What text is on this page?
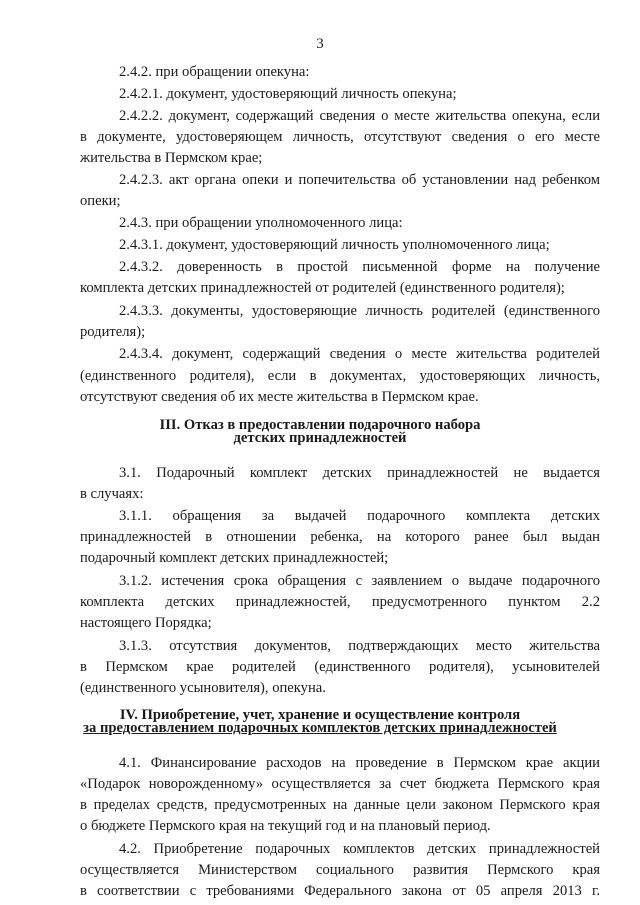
3
2.4.2. при обращении опекуна:
2.4.2.1. документ, удостоверяющий личность опекуна;
2.4.2.2. документ, содержащий сведения о месте жительства опекуна, если
в документе, удостоверяющем личность, отсутствуют сведения о его месте
жительства в Пермском крае;
2.4.2.3. акт органа опеки и попечительства об установлении над ребенком
опеки;
2.4.3. при обращении уполномоченного лица:
2.4.3.1. документ, удостоверяющий личность уполномоченного лица;
2.4.3.2. доверенность в простой письменной форме на получение
комплекта детских принадлежностей от родителей (единственного родителя);
2.4.3.3. документы, удостоверяющие личность родителей (единственного
родителя);
2.4.3.4. документ, содержащий сведения о месте жительства родителей
(единственного родителя), если в документах, удостоверяющих личность,
отсутствуют сведения об их месте жительства в Пермском крае.
III. Отказ в предоставлении подарочного набора
детских принадлежностей
3.1. Подарочный комплект детских принадлежностей не выдается
в случаях:
3.1.1. обращения за выдачей подарочного комплекта детских
принадлежностей в отношении ребенка, на которого ранее был выдан
подарочный комплект детских принадлежностей;
3.1.2. истечения срока обращения с заявлением о выдаче подарочного
комплекта детских принадлежностей, предусмотренного пунктом 2.2
настоящего Порядка;
3.1.3. отсутствия документов, подтверждающих место жительства
в Пермском крае родителей (единственного родителя), усыновителей
(единственного усыновителя), опекуна.
IV. Приобретение, учет, хранение и осуществление контроля
за предоставлением подарочных комплектов детских принадлежностей
4.1. Финансирование расходов на проведение в Пермском крае акции
«Подарок новорожденному» осуществляется за счет бюджета Пермского края
в пределах средств, предусмотренных на данные цели законом Пермского края
о бюджете Пермского края на текущий год и на плановый период.
4.2. Приобретение подарочных комплектов детских принадлежностей
осуществляется Министерством социального развития Пермского края
в соответствии с требованиями Федерального закона от 05 апреля 2013 г.
